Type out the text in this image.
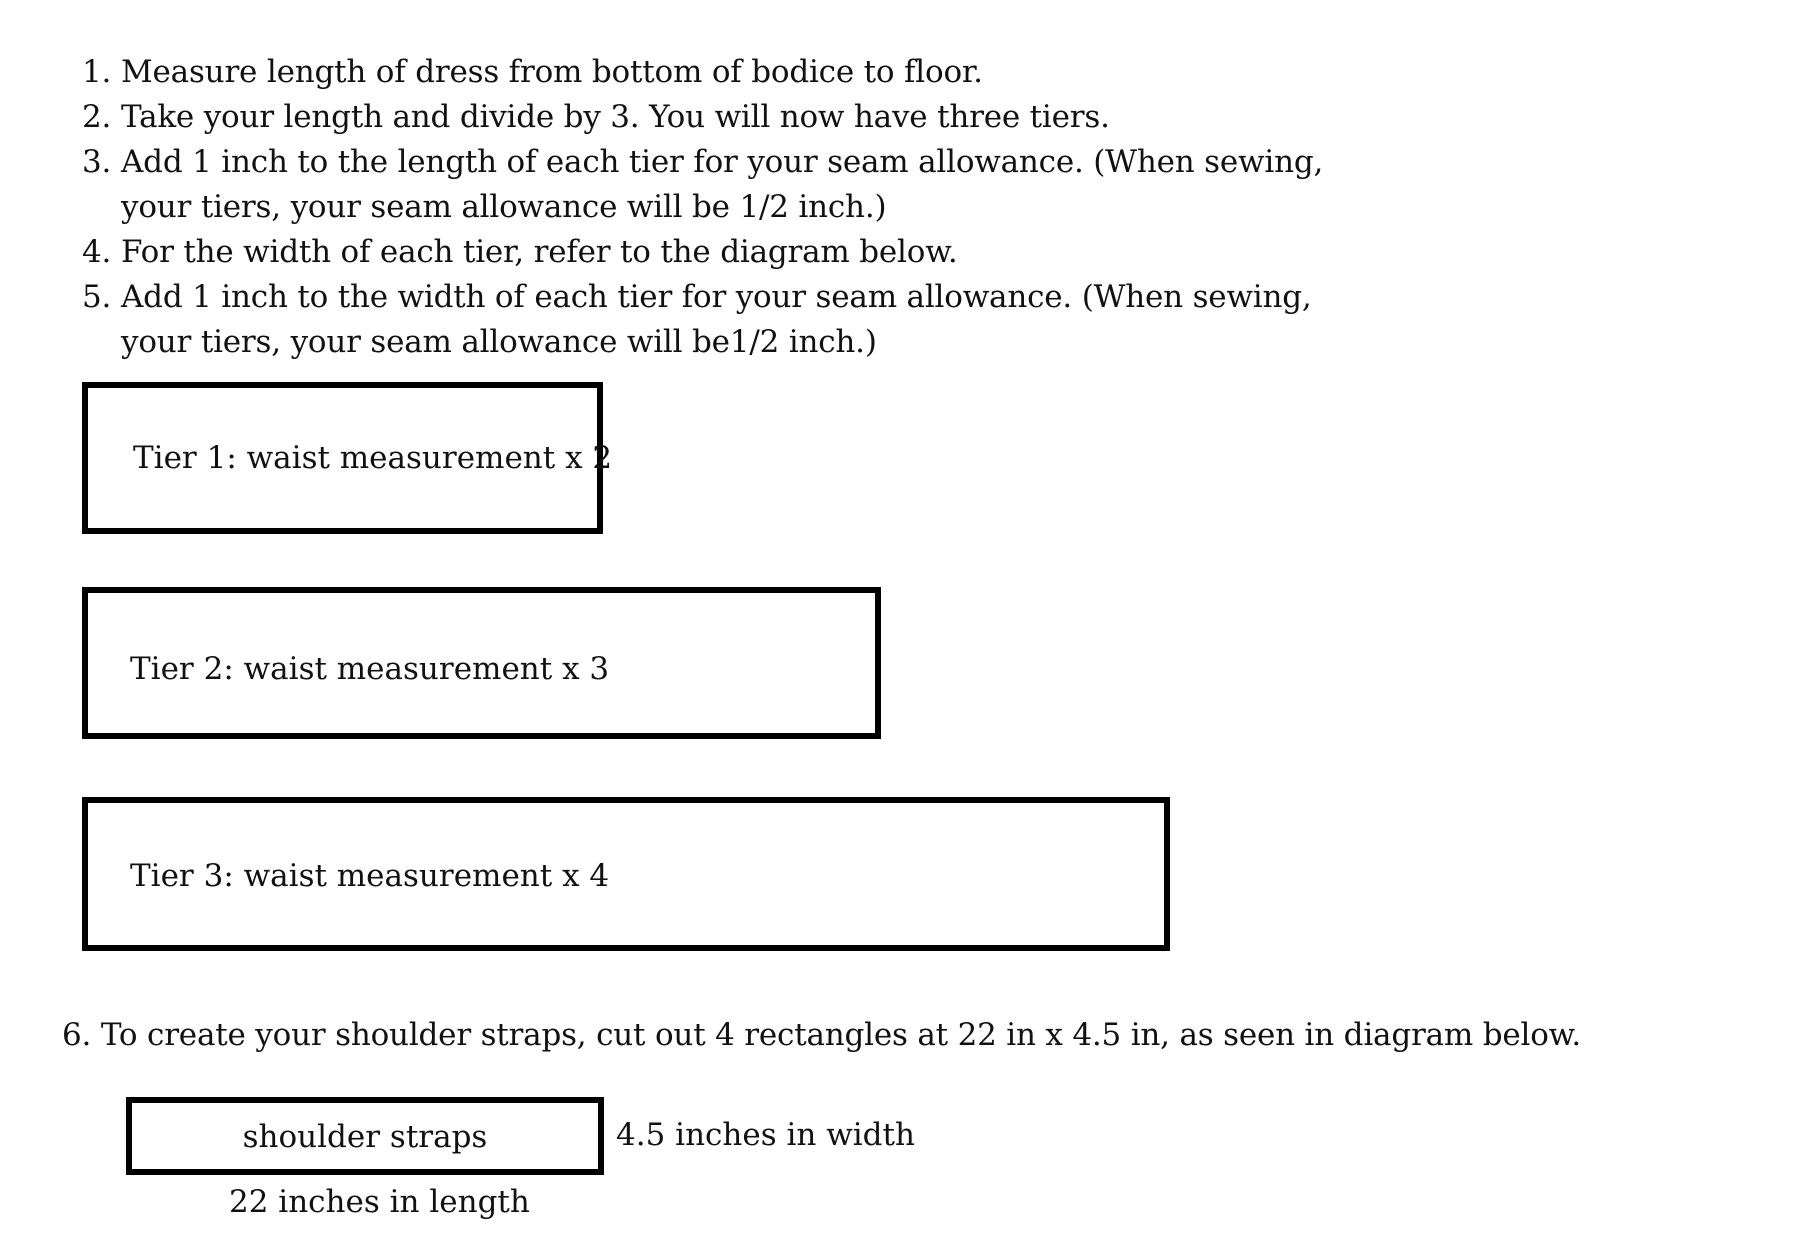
1. Measure length of dress from bottom of bodice to floor.
2. Take your length and divide by 3. You will now have three tiers.
3. Add 1 inch to the length of each tier for your seam allowance. (When sewing, your tiers, your seam allowance will be 1/2 inch.)
4. For the width of each tier, refer to the diagram below.
5. Add 1 inch to the width of each tier for your seam allowance. (When sewing, your tiers, your seam allowance will be1/2 inch.)
Tier 1: waist measurement x 2
Tier 2: waist measurement x 3
Tier 3: waist measurement x 4
6. To create your shoulder straps, cut out 4 rectangles at 22 in x 4.5 in, as seen in diagram below.
shoulder straps	4.5 inches in width
22 inches in length
